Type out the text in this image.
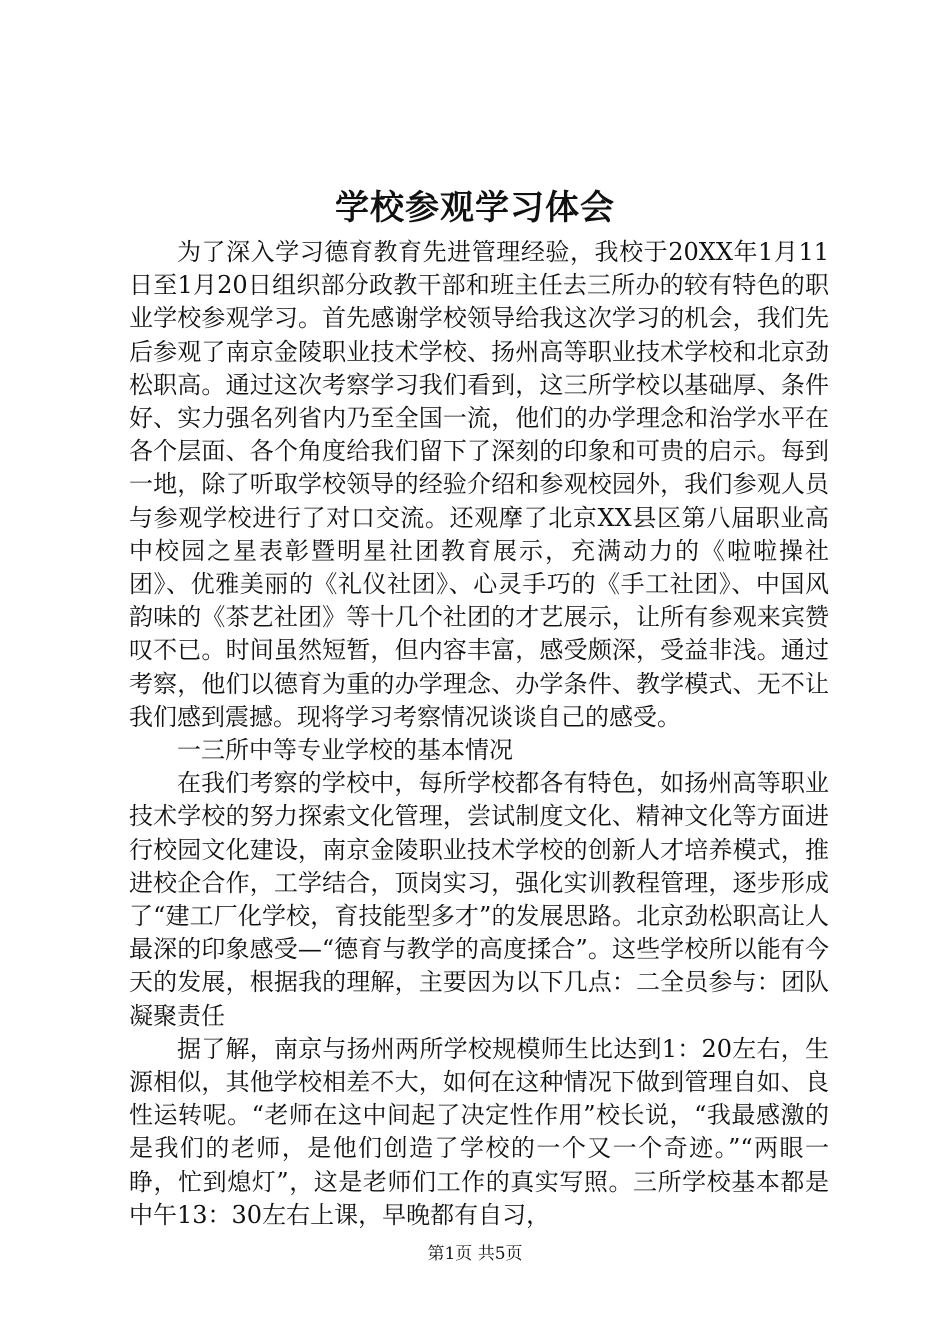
学校参观学习体会

为了深入学习德育教育先进管理经验，我校于20XX年1月11日至1月20日组织部分政教干部和班主任去三所办的较有特色的职业学校参观学习。首先感谢学校领导给我这次学习的机会，我们先后参观了南京金陵职业技术学校、扬州高等职业技术学校和北京劲松职高。通过这次考察学习我们看到，这三所学校以基础厚、条件好、实力强名列省内乃至全国一流，他们的办学理念和治学水平在各个层面、各个角度给我们留下了深刻的印象和可贵的启示。每到一地，除了听取学校领导的经验介绍和参观校园外，我们参观人员与参观学校进行了对口交流。还观摩了北京XX县区第八届职业高中校园之星表彰暨明星社团教育展示，充满动力的《啦啦操社团》、优雅美丽的《礼仪社团》、心灵手巧的《手工社团》、中国风韵味的《茶艺社团》等十几个社团的才艺展示，让所有参观来宾赞叹不已。时间虽然短暂，但内容丰富，感受颇深，受益非浅。通过考察，他们以德育为重的办学理念、办学条件、教学模式、无不让我们感到震撼。现将学习考察情况谈谈自己的感受。

一三所中等专业学校的基本情况

在我们考察的学校中，每所学校都各有特色，如扬州高等职业技术学校的努力探索文化管理，尝试制度文化、精神文化等方面进行校园文化建设，南京金陵职业技术学校的创新人才培养模式，推进校企合作，工学结合，顶岗实习，强化实训教程管理，逐步形成了“建工厂化学校，育技能型多才”的发展思路。北京劲松职高让人最深的印象感受—“德育与教学的高度揉合”。这些学校所以能有今天的发展，根据我的理解，主要因为以下几点：二全员参与：团队凝聚责任

据了解，南京与扬州两所学校规模师生比达到1：20左右，生源相似，其他学校相差不大，如何在这种情况下做到管理自如、良性运转呢。“老师在这中间起了决定性作用”校长说，“我最感激的是我们的老师，是他们创造了学校的一个又一个奇迹。”“两眼一睁，忙到熄灯”，这是老师们工作的真实写照。三所学校基本都是中午13：30左右上课，早晚都有自习，

第1页 共5页
